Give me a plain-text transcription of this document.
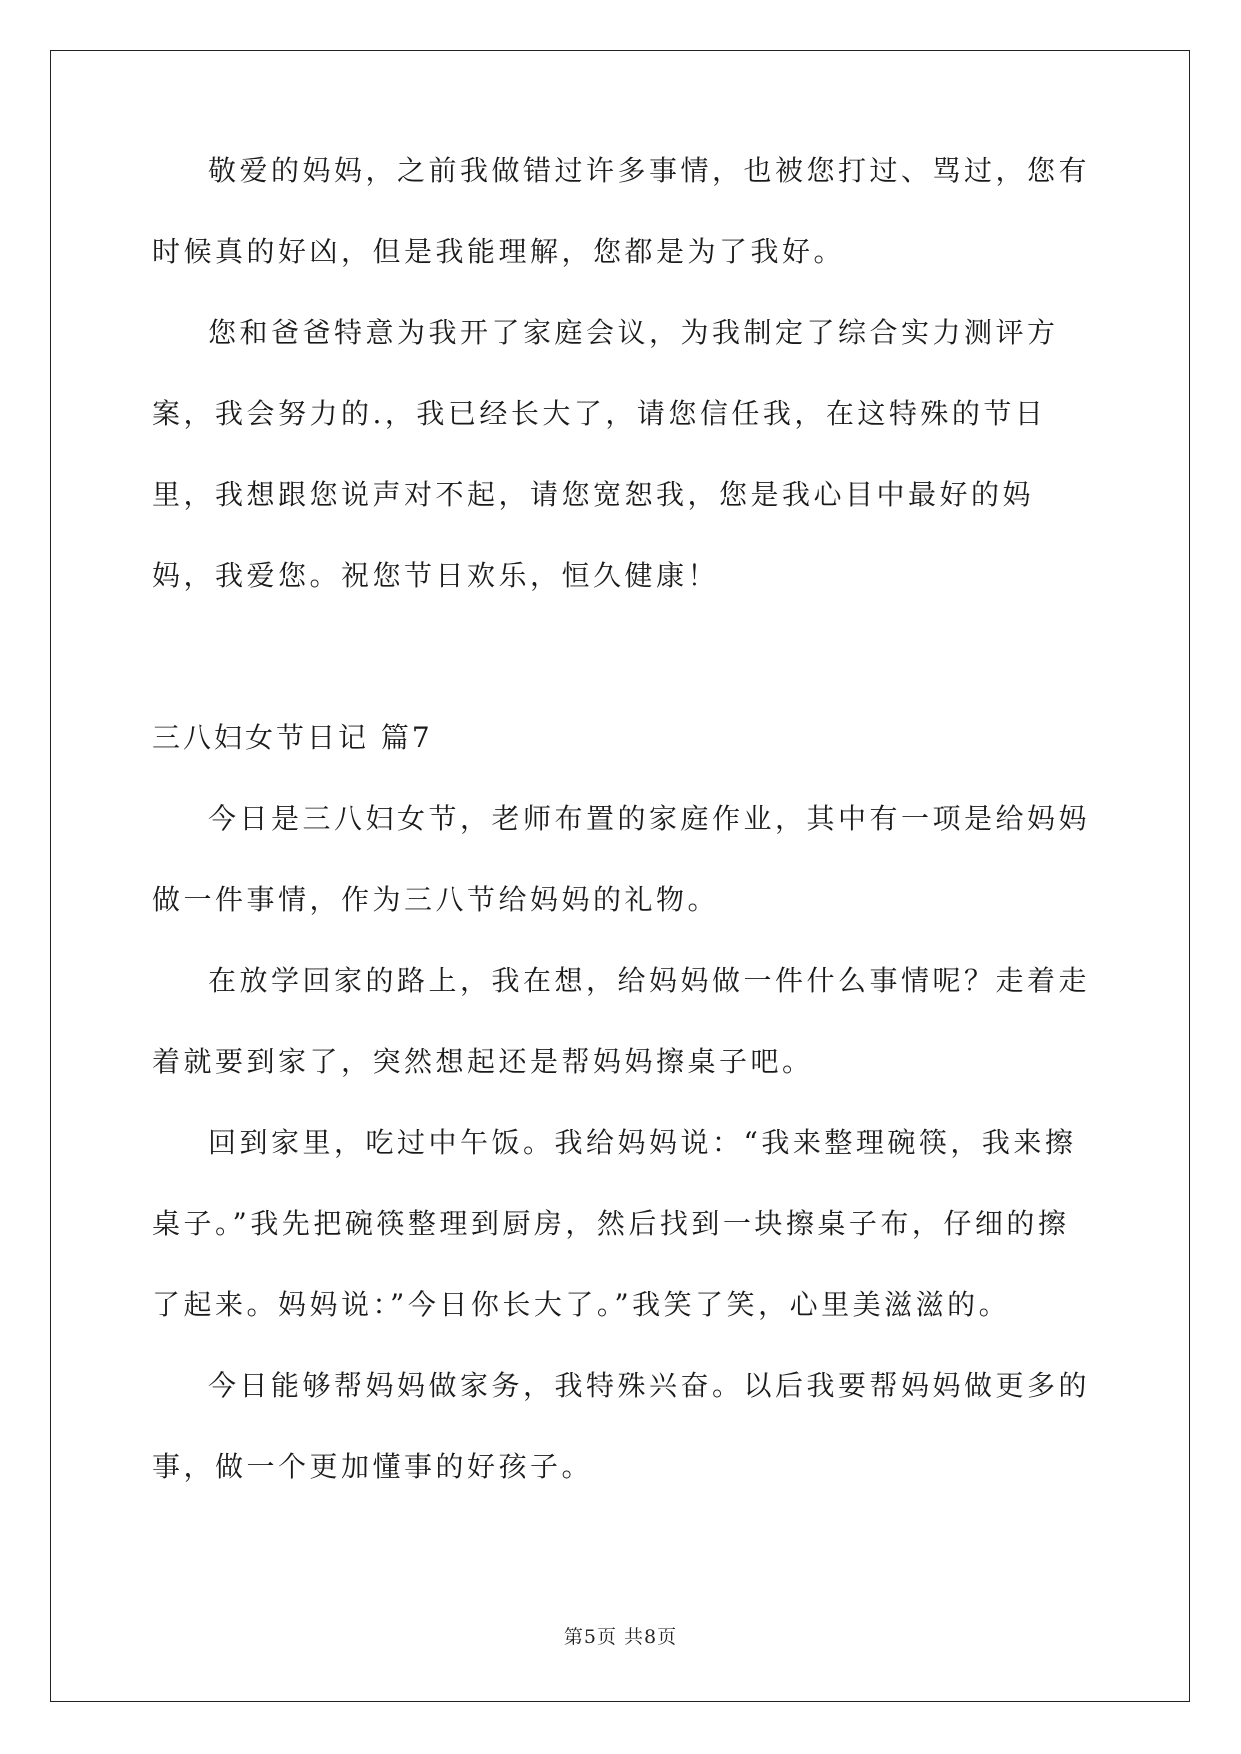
敬爱的妈妈，之前我做错过许多事情，也被您打过、骂过，您有时候真的好凶，但是我能理解，您都是为了我好。

您和爸爸特意为我开了家庭会议，为我制定了综合实力测评方案，我会努力的.，我已经长大了，请您信任我，在这特殊的节日里，我想跟您说声对不起，请您宽恕我，您是我心目中最好的妈妈，我爱您。祝您节日欢乐，恒久健康！

三八妇女节日记 篇7

今日是三八妇女节，老师布置的家庭作业，其中有一项是给妈妈做一件事情，作为三八节给妈妈的礼物。

在放学回家的路上，我在想，给妈妈做一件什么事情呢？走着走着就要到家了，突然想起还是帮妈妈擦桌子吧。

回到家里，吃过中午饭。我给妈妈说：“我来整理碗筷，我来擦桌子。”我先把碗筷整理到厨房，然后找到一块擦桌子布，仔细的擦了起来。妈妈说：”今日你长大了。”我笑了笑，心里美滋滋的。

今日能够帮妈妈做家务，我特殊兴奋。以后我要帮妈妈做更多的事，做一个更加懂事的好孩子。

第5页 共8页
